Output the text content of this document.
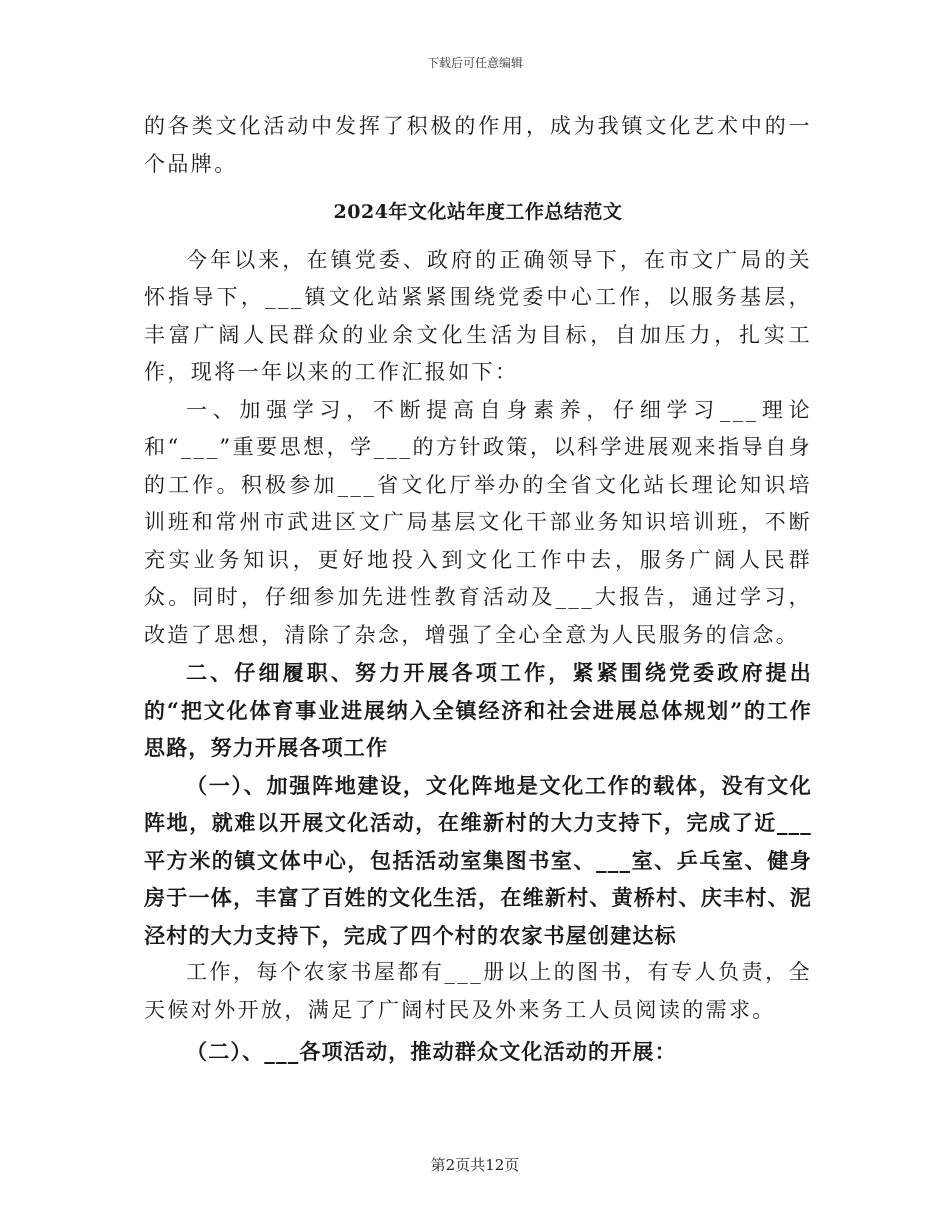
下载后可任意编辑

的各类文化活动中发挥了积极的作用，成为我镇文化艺术中的一个品牌。

2024年文化站年度工作总结范文

今年以来，在镇党委、政府的正确领导下，在市文广局的关怀指导下，___镇文化站紧紧围绕党委中心工作，以服务基层，丰富广阔人民群众的业余文化生活为目标，自加压力，扎实工作，现将一年以来的工作汇报如下：

一、加强学习，不断提高自身素养，仔细学习___理论和“___”重要思想，学___的方针政策，以科学进展观来指导自身的工作。积极参加___省文化厅举办的全省文化站长理论知识培训班和常州市武进区文广局基层文化干部业务知识培训班，不断充实业务知识，更好地投入到文化工作中去，服务广阔人民群众。同时，仔细参加先进性教育活动及___大报告，通过学习，改造了思想，清除了杂念，增强了全心全意为人民服务的信念。

二、仔细履职、努力开展各项工作，紧紧围绕党委政府提出的“把文化体育事业进展纳入全镇经济和社会进展总体规划”的工作思路，努力开展各项工作

（一）、加强阵地建设，文化阵地是文化工作的载体，没有文化阵地，就难以开展文化活动，在维新村的大力支持下，完成了近___平方米的镇文体中心，包括活动室集图书室、___室、乒乓室、健身房于一体，丰富了百姓的文化生活，在维新村、黄桥村、庆丰村、泥泾村的大力支持下，完成了四个村的农家书屋创建达标

工作，每个农家书屋都有___册以上的图书，有专人负责，全天候对外开放，满足了广阔村民及外来务工人员阅读的需求。

（二）、___各项活动，推动群众文化活动的开展：

第2页共12页
